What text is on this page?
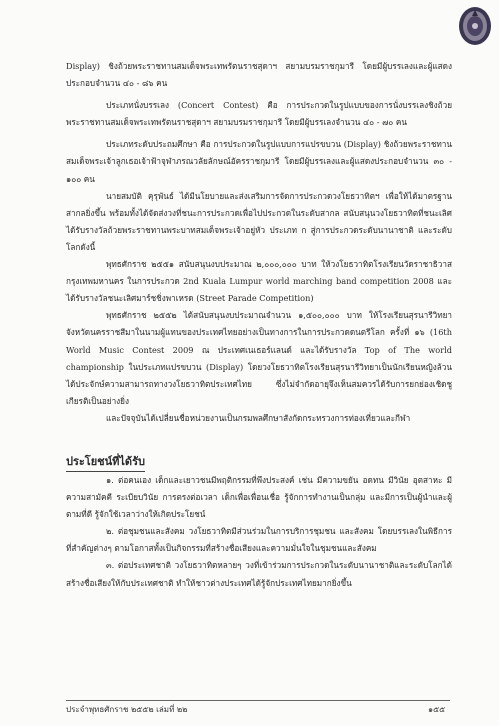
Display) ชิงถ้วยพระราชทานสมเด็จพระเทพรัตนราชสุดาฯ สยามบรมราชกุมารี โดยมีผู้บรรเลงและผู้แสดงประกอบจำนวน ๔๐ - ๘๖ คน

ประเภทนั่งบรรเลง (Concert Contest) คือ การประกวดในรูปแบบของการนั่งบรรเลงชิงถ้วยพระราชทานสมเด็จพระเทพรัตนราชสุดาฯ สยามบรมราชกุมารี โดยมีผู้บรรเลงจำนวน ๔๐ - ๗๐ คน

ประเภทระดับประถมศึกษา คือ การประกวดในรูปแบบการแปรขบวน (Display) ชิงถ้วยพระราชทานสมเด็จพระเจ้าลูกเธอเจ้าฟ้าจุฬาภรณวลัยลักษณ์อัครราชกุมารี โดยมีผู้บรรเลงและผู้แสดงประกอบจำนวน ๓๐ - ๑๐๐ คน

นายสมบัติ คุรุพันธ์ ได้มีนโยบายและส่งเสริมการจัดการประกวดวงโยธวาทิตฯ เพื่อให้ได้มาตรฐานสากลยิ่งขึ้น พร้อมทั้งได้จัดส่งวงที่ชนะการประกวดเพื่อไปประกวดในระดับสากล สนับสนุนวงโยธวาทิตที่ชนะเลิศได้รับรางวัลถ้วยพระราชทานพระบาทสมเด็จพระเจ้าอยู่หัว ประเภท ก สู่การประกวดระดับนานาชาติ และระดับโลกดังนี้

พุทธศักราช ๒๕๕๑ สนับสนุนงบประมาณ ๒,๐๐๐,๐๐๐ บาท ให้วงโยธวาทิตโรงเรียนวัดราชาธิวาส กรุงเทพมหานคร ในการประกวด 2nd Kuala Lumpur world marching band competition 2008 และได้รับรางวัลชนะเลิศมาร์ชชิ่งพาเหรด (Street Parade Competition)

พุทธศักราช ๒๕๕๒ ได้สนับสนุนงบประมาณจำนวน ๑,๕๐๐,๐๐๐ บาท ให้โรงเรียนสุรนารีวิทยา จังหวัดนครราชสีมาในนามผู้แทนของประเทศไทยอย่างเป็นทางการในการประกวดดนตรีโลก ครั้งที่ ๑๖ (16th World Music Contest 2009 ณ ประเทศเนเธอร์แลนด์ และได้รับรางวัล Top of The world championship ในประเภทแปรขบวน (Display) โดยวงโยธวาทิตโรงเรียนสุรนารีวิทยาเป็นนักเรียนหญิงล้วน ได้ประจักษ์ความสามารถทางวงโยธวาทิตประเทศไทย ซึ่งไม่จำกัดอายุจึงเห็นสมควรได้รับการยกย่องเชิดชูเกียรติเป็นอย่างยิ่ง

และปัจจุบันได้เปลี่ยนชื่อหน่วยงานเป็นกรมพลศึกษาสังกัดกระทรวงการท่องเที่ยวและกีฬา

ประโยชน์ที่ได้รับ

๑. ต่อคนเอง เด็กและเยาวชนมีพฤติกรรมที่พึงประสงค์ เช่น มีความขยัน อดทน มีวินัย อุตสาหะ มีความสามัคคี ระเบียบวินัย การตรงต่อเวลา เด็กเพื่อเพื่อนเชื่อ รู้จักการทำงานเป็นกลุ่ม และมีการเป็นผู้นำและผู้ตามที่ดี รู้จักใช้เวลาว่างให้เกิดประโยชน์

๒. ต่อชุมชนและสังคม วงโยธวาทิตมีส่วนร่วมในการบริการชุมชน และสังคม โดยบรรเลงในพิธีการที่สำคัญต่างๆ ตามโอกาสทั้งเป็นกิจกรรมที่สร้างชื่อเสียงและความมั่นใจในชุมชนและสังคม

๓. ต่อประเทศชาติ วงโยธวาทิตหลายๆ วงที่เข้าร่วมการประกวดในระดับนานาชาติและระดับโลกได้สร้างชื่อเสียงให้กับประเทศชาติ ทำให้ชาวต่างประเทศได้รู้จักประเทศไทยมากยิ่งขึ้น

ประจำพุทธศักราช ๒๕๕๒ เล่มที่ ๒๒	๑๕๕
